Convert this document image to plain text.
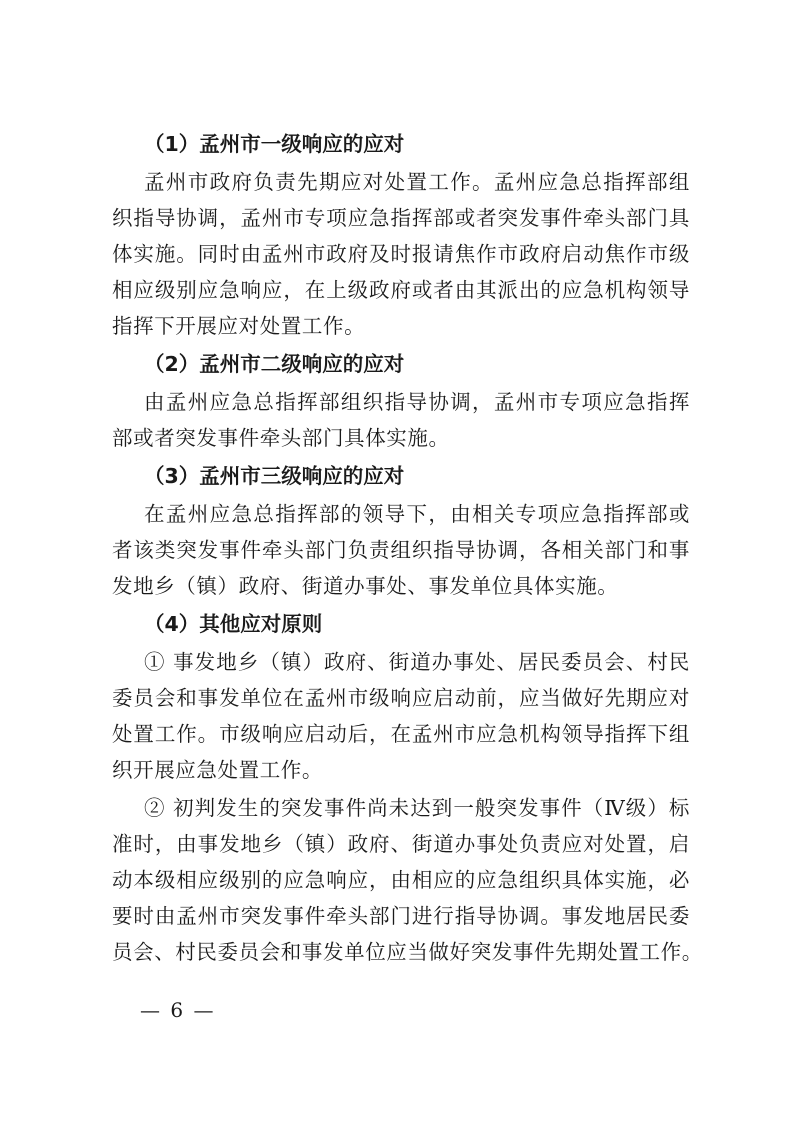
（1）孟州市一级响应的应对
孟州市政府负责先期应对处置工作。孟州应急总指挥部组
织指导协调，孟州市专项应急指挥部或者突发事件牵头部门具
体实施。同时由孟州市政府及时报请焦作市政府启动焦作市级
相应级别应急响应，在上级政府或者由其派出的应急机构领导
指挥下开展应对处置工作。
（2）孟州市二级响应的应对
由孟州应急总指挥部组织指导协调，孟州市专项应急指挥
部或者突发事件牵头部门具体实施。
（3）孟州市三级响应的应对
在孟州应急总指挥部的领导下，由相关专项应急指挥部或
者该类突发事件牵头部门负责组织指导协调，各相关部门和事
发地乡（镇）政府、街道办事处、事发单位具体实施。
（4）其他应对原则
① 事发地乡（镇）政府、街道办事处、居民委员会、村民
委员会和事发单位在孟州市级响应启动前，应当做好先期应对
处置工作。市级响应启动后，在孟州市应急机构领导指挥下组
织开展应急处置工作。
② 初判发生的突发事件尚未达到一般突发事件（Ⅳ级）标
准时，由事发地乡（镇）政府、街道办事处负责应对处置，启
动本级相应级别的应急响应，由相应的应急组织具体实施，必
要时由孟州市突发事件牵头部门进行指导协调。事发地居民委
员会、村民委员会和事发单位应当做好突发事件先期处置工作。
— 6 —
